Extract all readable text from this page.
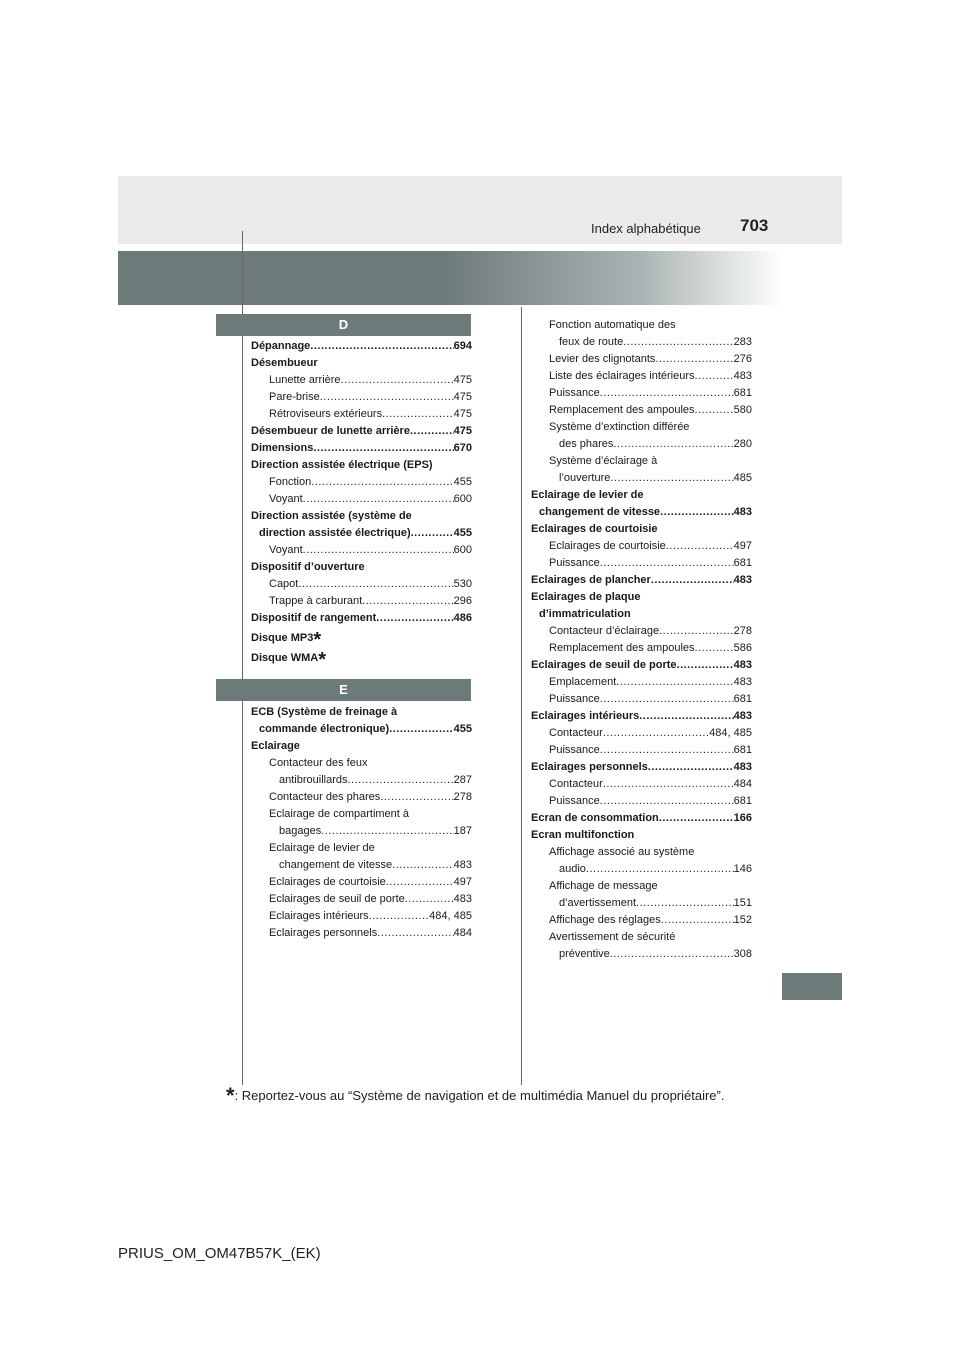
Index alphabétique 703
D
E
Dépannage .....	694
Désembueur
Lunette arrière .....	475
Pare-brise .....	475
Rétroviseurs extérieurs .....	475
Désembueur de lunette arrière .....	475
Dimensions .....	670
Direction assistée électrique (EPS)
Fonction .....	455
Voyant .....	600
Direction assistée (système de
direction assistée électrique) .....	455
Voyant .....	600
Dispositif d’ouverture
Capot .....	530
Trappe à carburant .....	296
Dispositif de rangement .....	486
Disque MP3 *
Disque WMA *
ECB (Système de freinage à
commande électronique) .....	455
Eclairage
Contacteur des feux
antibrouillards .....	287
Contacteur des phares .....	278
Eclairage de compartiment à
bagages .....	187
Eclairage de levier de
changement de vitesse .....	483
Eclairages de courtoisie .....	497
Eclairages de seuil de porte .....	483
Eclairages intérieurs .....	484, 485
Eclairages personnels .....	484
Fonction automatique des
feux de route .....	283
Levier des clignotants .....	276
Liste des éclairages intérieurs .....	483
Puissance .....	681
Remplacement des ampoules .....	580
Système d’extinction différée
des phares .....	280
Système d’éclairage à
l’ouverture .....	485
Eclairage de levier de
changement de vitesse .....	483
Eclairages de courtoisie
Eclairages de courtoisie .....	497
Puissance .....	681
Eclairages de plancher .....	483
Eclairages de plaque
d’immatriculation
Contacteur d’éclairage .....	278
Remplacement des ampoules .....	586
Eclairages de seuil de porte .....	483
Emplacement .....	483
Puissance .....	681
Eclairages intérieurs .....	483
Contacteur .....	484, 485
Puissance .....	681
Eclairages personnels .....	483
Contacteur .....	484
Puissance .....	681
Ecran de consommation .....	166
Ecran multifonction
Affichage associé au système
audio .....	146
Affichage de message
d’avertissement .....	151
Affichage des réglages .....	152
Avertissement de sécurité
préventive .....	308
*: Reportez-vous au “Système de navigation et de multimédia Manuel du propriétaire”.
PRIUS_OM_OM47B57K_(EK)
